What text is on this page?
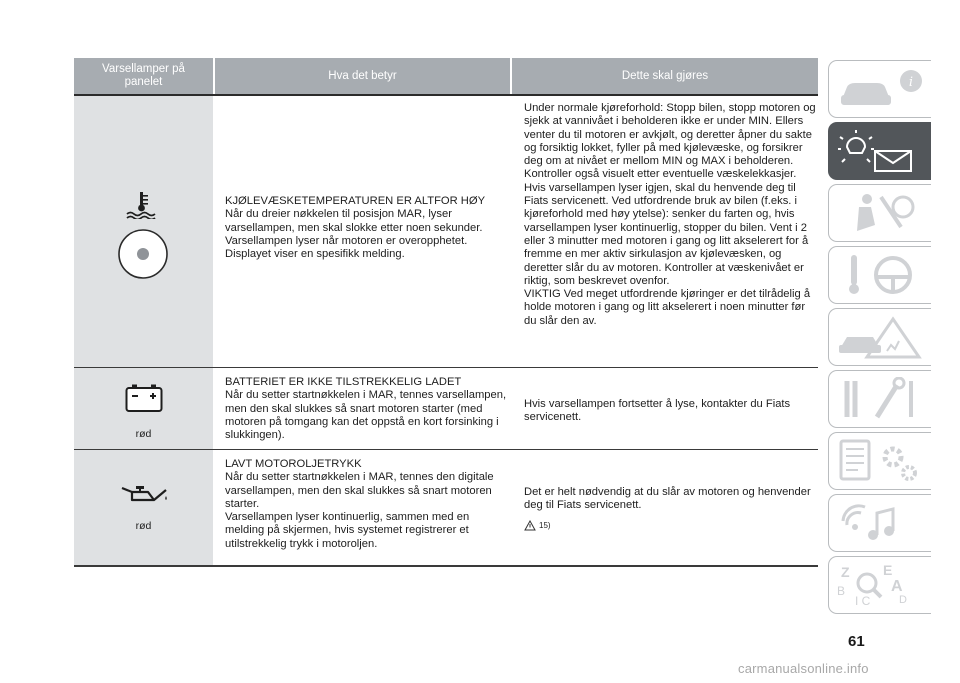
Varsellamper på panelet
Hva det betyr	Dette skal gjøres
KJØLEVÆSKETEMPERATUREN ER ALTFOR HØY
Når du dreier nøkkelen til posisjon MAR, lyser varsellampen, men skal slokke etter noen sekunder.
Varsellampen lyser når motoren er overopphetet. Displayet viser en spesifikk melding.
Under normale kjøreforhold: Stopp bilen, stopp motoren og sjekk at vannivået i beholderen ikke er under MIN. Ellers venter du til motoren er avkjølt, og deretter åpner du sakte og forsiktig lokket, fyller på med kjølevæske, og forsikrer deg om at nivået er mellom MIN og MAX i beholderen. Kontroller også visuelt etter eventuelle væskelekkasjer.
Hvis varsellampen lyser igjen, skal du henvende deg til Fiats servicenett. Ved utfordrende bruk av bilen (f.eks. i kjøreforhold med høy ytelse): senker du farten og, hvis varsellampen lyser kontinuerlig, stopper du bilen. Vent i 2 eller 3 minutter med motoren i gang og litt akselerert for å fremme en mer aktiv sirkulasjon av kjølevæsken, og deretter slår du av motoren. Kontroller at væskenivået er riktig, som beskrevet ovenfor.
VIKTIG Ved meget utfordrende kjøringer er det tilrådelig å holde motoren i gang og litt akselerert i noen minutter før du slår den av.
rød
BATTERIET ER IKKE TILSTREKKELIG LADET
Når du setter startnøkkelen i MAR, tennes varsellampen, men den skal slukkes så snart motoren starter (med motoren på tomgang kan det oppstå en kort forsinking i slukkingen).
Hvis varsellampen fortsetter å lyse, kontakter du Fiats servicenett.
rød
LAVT MOTOROLJETRYKK
Når du setter startnøkkelen i MAR, tennes den digitale varsellampen, men den skal slukkes så snart motoren starter.
Varsellampen lyser kontinuerlig, sammen med en melding på skjermen, hvis systemet registrerer et utilstrekkelig trykk i motoroljen.
Det er helt nødvendig at du slår av motoren og henvender deg til Fiats servicenett.
15)
i
Z E
B	A
D
I C
61
carmanualsonline.info
